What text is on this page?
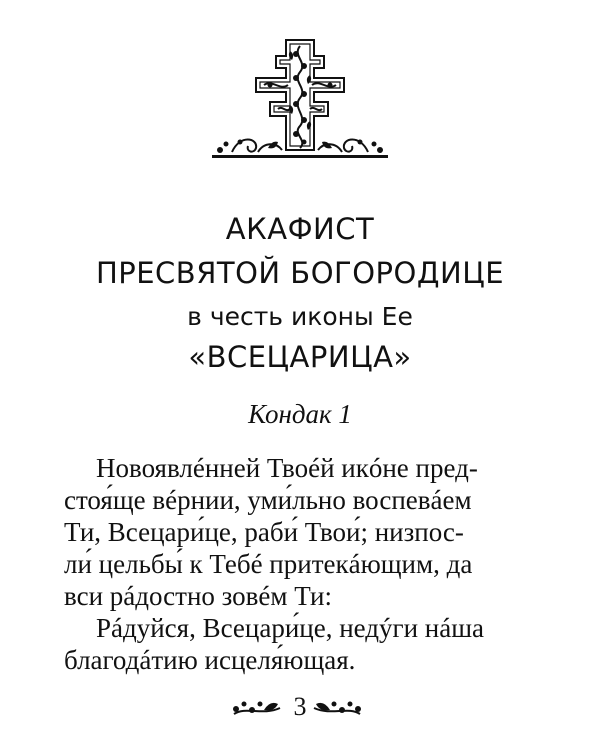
АКАФИСТ
ПРЕСВЯТОЙ БОГОРОДИЦЕ
в честь иконы Ее
«ВСЕЦАРИЦА»
Кондак 1
Новоявлéнней Твоéй икóне пред-
стоя́ще вéрнии, уми́льно воспевáем
Ти, Всецари́це, раби́ Твои́; низпос-
ли́ цельбы́ к Тебé притекáющим, да
вси рáдостно зовéм Ти:
Рáдуйся, Всецари́це, недýги нáша
благодáтию исцеля́ющая.
3
